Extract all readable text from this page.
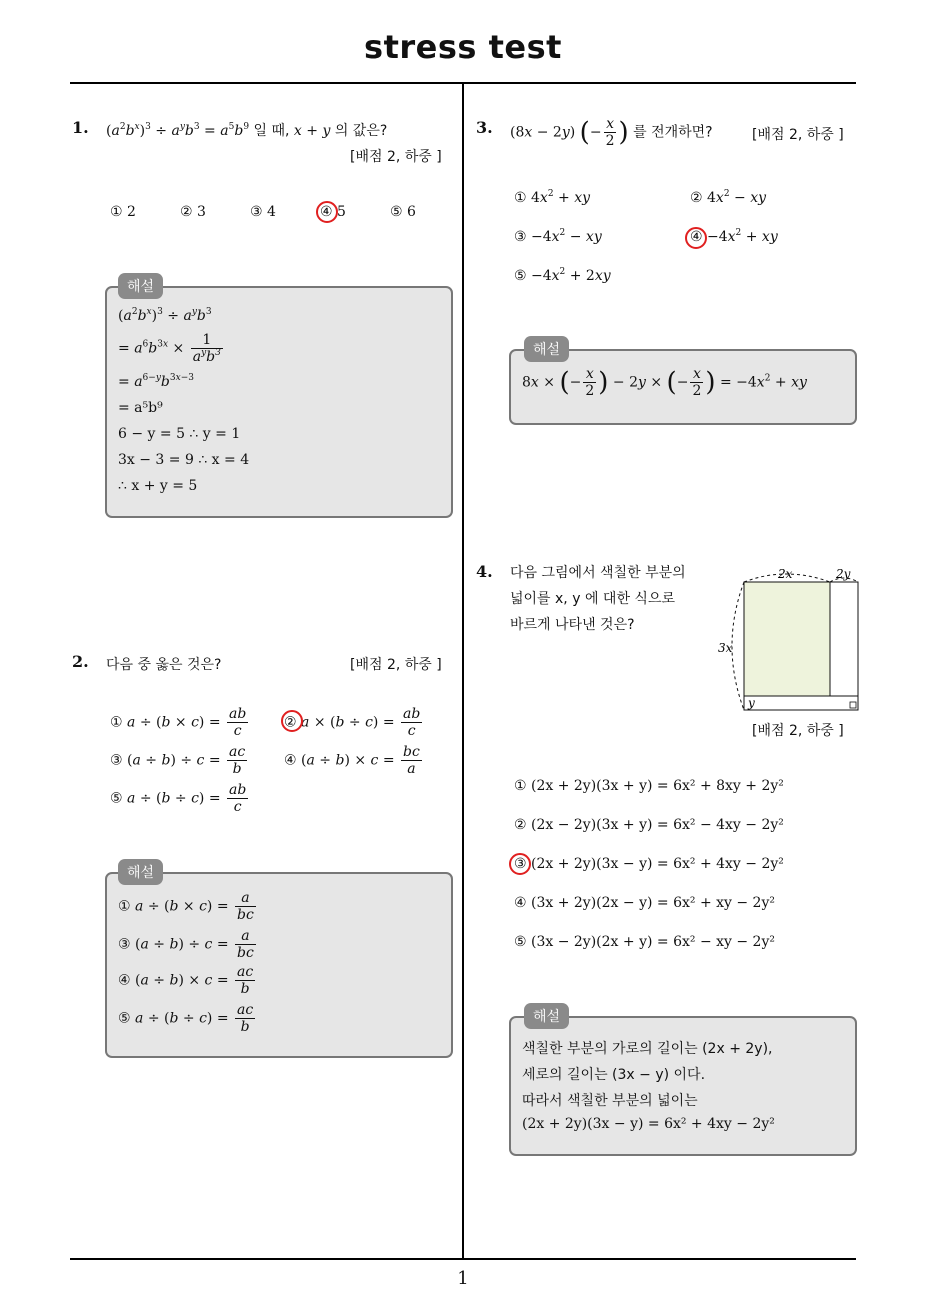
stress test
1
1. $(a^2b^x)^3 \div a^yb^3 = a^5b^9$ 일 때, x + y 의 값은?
[배점 2, 하중 ]
① 2	② 3	③ 4	④ 5	⑤ 6
해설
$(a^2b^x)^3 \div a^yb^3$
= $a^6b^{3x} \times \frac{1}{a^yb^3}$
= $a^{6-y}b^{3x-3}$
= a⁵b⁹
6 − y = 5 ∴ y = 1
3x − 3 = 9 ∴ x = 4
∴ x + y = 5
2. 다음 중 옳은 것은?	[배점 2, 하중 ]
① $a \div (b \times c) = \frac{ab}{c}$	② $a \times (b \div c) = \frac{ab}{c}$
③ $(a \div b) \div c = \frac{ac}{b}$	④ $(a \div b) \times c = \frac{bc}{a}$
⑤ $a \div (b \div c) = \frac{ab}{c}$
해설
① $a \div (b \times c) = \frac{a}{bc}$
③ $(a \div b) \div c = \frac{a}{bc}$
④ $(a \div b) \times c = \frac{ac}{b}$
⑤ $a \div (b \div c) = \frac{ac}{b}$
3. (8x − 2y) (− $\frac{x}{2}$ ) 를 전개하면?	[배점 2, 하중 ]
① $4x^2$ + xy	② $4x^2$ − xy
③ $-4x^2$ − xy	④ $-4x^2$ + xy
⑤ $-4x^2 + 2xy$
해설
8x × (− $\frac{x}{2}$ ) − 2y × (− $\frac{x}{2}$ ) = $-4x^2$ + xy
4. 다음 그림에서 색칠한 부분의
넓이를 x, y 에 대한 식으로
바르게 나타낸 것은?
2x	2y
3x
y
[배점 2, 하중 ]
① (2x + 2y)(3x + y) = 6x² + 8xy + 2y²
② (2x − 2y)(3x + y) = 6x² − 4xy − 2y²
③ (2x + 2y)(3x − y) = 6x² + 4xy − 2y²
④ (3x + 2y)(2x − y) = 6x² + xy − 2y²
⑤ (3x − 2y)(2x + y) = 6x² − xy − 2y²
해설
색칠한 부분의 가로의 길이는 (2x + 2y),
세로의 길이는 (3x − y) 이다.
따라서 색칠한 부분의 넓이는
(2x + 2y)(3x − y) = 6x² + 4xy − 2y²
